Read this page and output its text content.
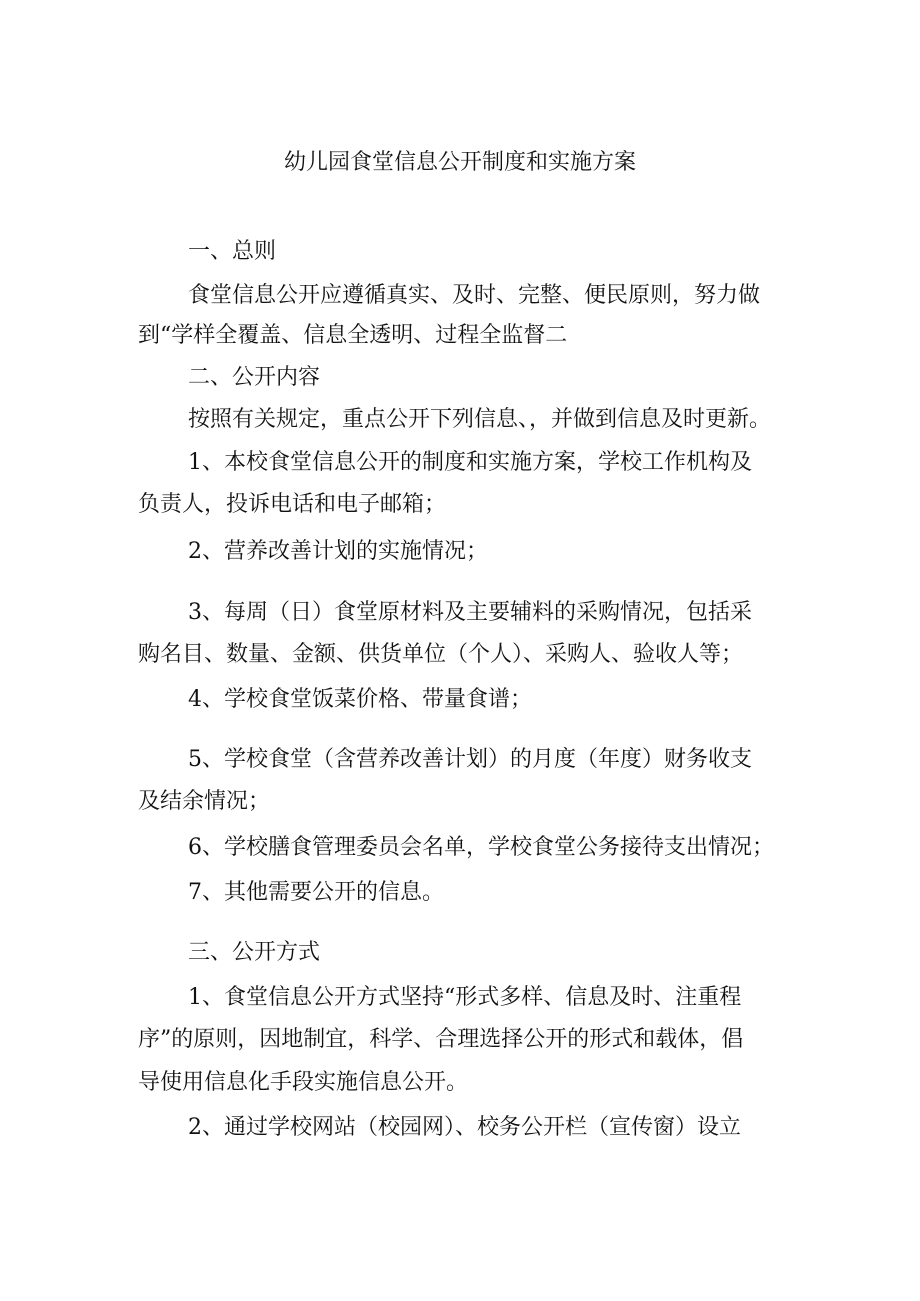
幼儿园食堂信息公开制度和实施方案
一、总则
食堂信息公开应遵循真实、及时、完整、便民原则，努力做
到“学样全覆盖、信息全透明、过程全监督二
二、公开内容
按照有关规定，重点公开下列信息、，并做到信息及时更新。
1、本校食堂信息公开的制度和实施方案，学校工作机构及
负责人，投诉电话和电子邮箱；
2、营养改善计划的实施情况；
3、每周（日）食堂原材料及主要辅料的采购情况，包括采
购名目、数量、金额、供货单位（个人）、采购人、验收人等；
4、学校食堂饭菜价格、带量食谱；
5、学校食堂（含营养改善计划）的月度（年度）财务收支
及结余情况；
6、学校膳食管理委员会名单，学校食堂公务接待支出情况；
7、其他需要公开的信息。
三、公开方式
1、食堂信息公开方式坚持“形式多样、信息及时、注重程
序”的原则，因地制宜，科学、合理选择公开的形式和载体，倡
导使用信息化手段实施信息公开。
2、通过学校网站（校园网）、校务公开栏（宣传窗）设立
